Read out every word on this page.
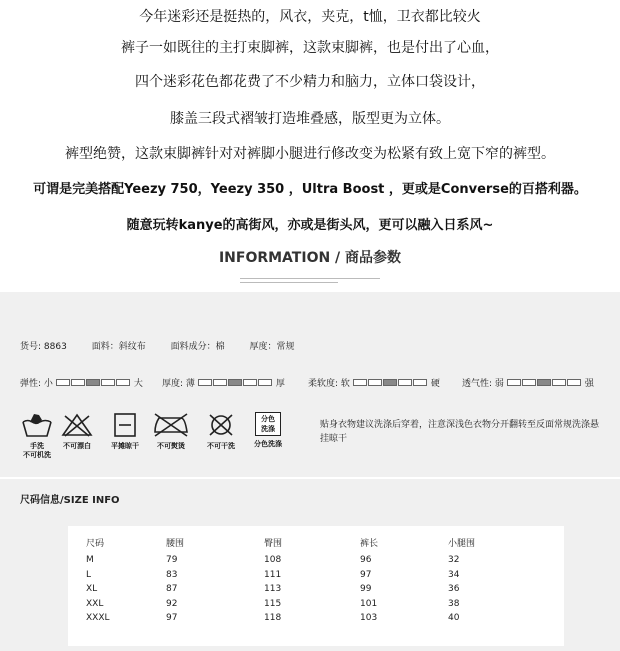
今年迷彩还是挺热的，风衣，夹克，t恤，卫衣都比较火
裤子一如既往的主打束脚裤，这款束脚裤，也是付出了心血，
四个迷彩花色都花费了不少精力和脑力，立体口袋设计，
膝盖三段式褶皱打造堆叠感，版型更为立体。
裤型绝赞，这款束脚裤针对对裤脚小腿进行修改变为松紧有致上宽下窄的裤型。
可谓是完美搭配Yeezy 750，Yeezy 350 ，Ultra Boost ，更或是Converse的百搭利器。
随意玩转kanye的高街风，亦或是街头风，更可以融入日系风~
INFORMATION / 商品参数
货号: 8863	面料：斜纹布	面料成分：棉	厚度：常规
弹性: 小	大 厚度: 薄	厚	柔软度: 软	硬 透气性: 弱	强
手洗
不可机洗
不可漂白	平摊晾干	不可熨烫	不可干洗
分色
洗涤
分色洗涤
贴身衣物建议洗涤后穿着，注意深浅色衣物分开翻转至反面常规洗涤悬挂晾干
尺码信息/SIZE INFO
尺码	腰围	臀围	裤长	小腿围
M	79	108	96	32
L	83	111	97	34
XL	87	113	99	36
XXL	92	115	101	38
XXXL	97	118	103	40
